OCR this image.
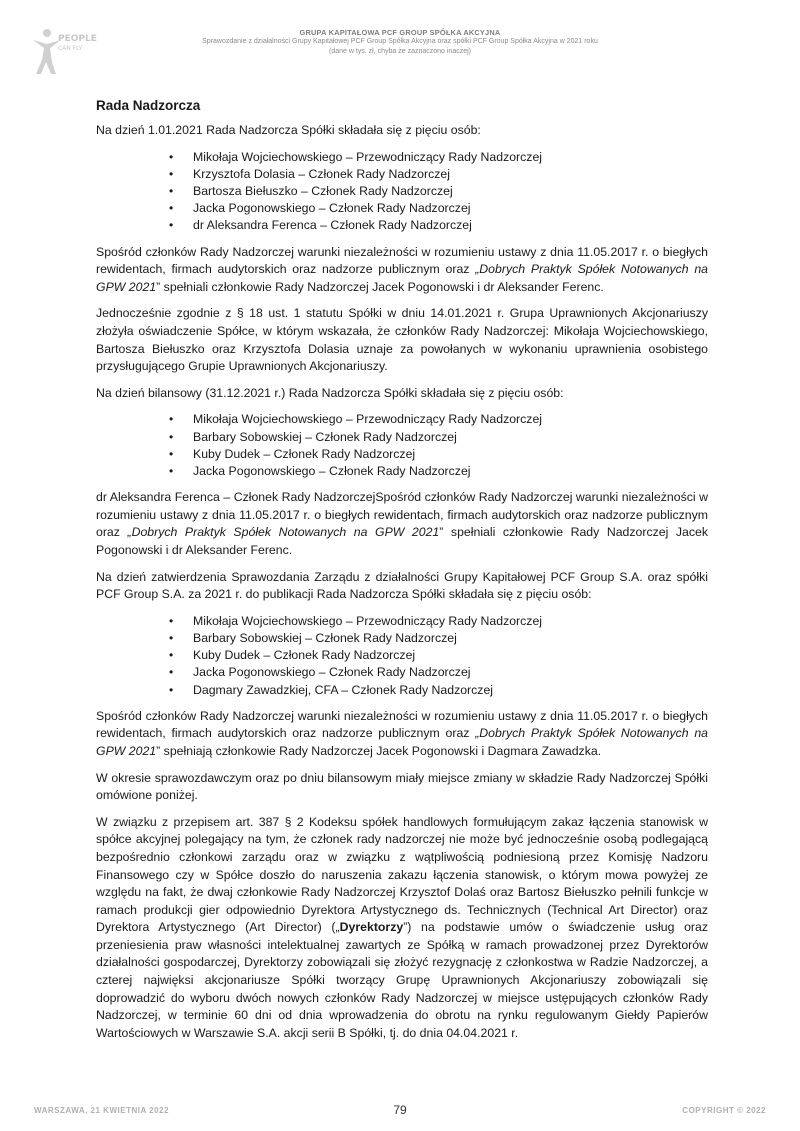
PEOPLE
CAN FLY
GRUPA KAPITAŁOWA PCF GROUP SPÓŁKA AKCYJNA
Sprawozdanie z działalności Grupy Kapitałowej PCF Group Spółka Akcyjna oraz spółki PCF Group Spółka Akcyjna w 2021 roku
(dane w tys. zł, chyba że zaznaczono inaczej)
Rada Nadzorcza

Na dzień 1.01.2021 Rada Nadzorcza Spółki składała się z pięciu osób:

• Mikołaja Wojciechowskiego – Przewodniczący Rady Nadzorczej
• Krzysztofa Dolasia – Członek Rady Nadzorczej
• Bartosza Biełuszko – Członek Rady Nadzorczej
• Jacka Pogonowskiego – Członek Rady Nadzorczej
• dr Aleksandra Ferenca – Członek Rady Nadzorczej

Spośród członków Rady Nadzorczej warunki niezależności w rozumieniu ustawy z dnia 11.05.2017 r. o biegłych rewidentach, firmach audytorskich oraz nadzorze publicznym oraz „Dobrych Praktyk Spółek Notowanych na GPW 2021” spełniali członkowie Rady Nadzorczej Jacek Pogonowski i dr Aleksander Ferenc.

Jednocześnie zgodnie z § 18 ust. 1 statutu Spółki w dniu 14.01.2021 r. Grupa Uprawnionych Akcjonariuszy złożyła oświadczenie Spółce, w którym wskazała, że członków Rady Nadzorczej: Mikołaja Wojciechowskiego, Bartosza Biełuszko oraz Krzysztofa Dolasia uznaje za powołanych w wykonaniu uprawnienia osobistego przysługującego Grupie Uprawnionych Akcjonariuszy.

Na dzień bilansowy (31.12.2021 r.) Rada Nadzorcza Spółki składała się z pięciu osób:

• Mikołaja Wojciechowskiego – Przewodniczący Rady Nadzorczej
• Barbary Sobowskiej – Członek Rady Nadzorczej
• Kuby Dudek – Członek Rady Nadzorczej
• Jacka Pogonowskiego – Członek Rady Nadzorczej

dr Aleksandra Ferenca – Członek Rady NadzorczejSpośród członków Rady Nadzorczej warunki niezależności w rozumieniu ustawy z dnia 11.05.2017 r. o biegłych rewidentach, firmach audytorskich oraz nadzorze publicznym oraz „Dobrych Praktyk Spółek Notowanych na GPW 2021” spełniali członkowie Rady Nadzorczej Jacek Pogonowski i dr Aleksander Ferenc.

Na dzień zatwierdzenia Sprawozdania Zarządu z działalności Grupy Kapitałowej PCF Group S.A. oraz spółki PCF Group S.A. za 2021 r. do publikacji Rada Nadzorcza Spółki składała się z pięciu osób:

• Mikołaja Wojciechowskiego – Przewodniczący Rady Nadzorczej
• Barbary Sobowskiej – Członek Rady Nadzorczej
• Kuby Dudek – Członek Rady Nadzorczej
• Jacka Pogonowskiego – Członek Rady Nadzorczej
• Dagmary Zawadzkiej, CFA – Członek Rady Nadzorczej

Spośród członków Rady Nadzorczej warunki niezależności w rozumieniu ustawy z dnia 11.05.2017 r. o biegłych rewidentach, firmach audytorskich oraz nadzorze publicznym oraz „Dobrych Praktyk Spółek Notowanych na GPW 2021” spełniają członkowie Rady Nadzorczej Jacek Pogonowski i Dagmara Zawadzka.

W okresie sprawozdawczym oraz po dniu bilansowym miały miejsce zmiany w składzie Rady Nadzorczej Spółki omówione poniżej.

W związku z przepisem art. 387 § 2 Kodeksu spółek handlowych formułującym zakaz łączenia stanowisk w spółce akcyjnej polegający na tym, że członek rady nadzorczej nie może być jednocześnie osobą podlegającą bezpośrednio członkowi zarządu oraz w związku z wątpliwością podniesioną przez Komisję Nadzoru Finansowego czy w Spółce doszło do naruszenia zakazu łączenia stanowisk, o którym mowa powyżej ze względu na fakt, że dwaj członkowie Rady Nadzorczej Krzysztof Dolaś oraz Bartosz Biełuszko pełnili funkcje w ramach produkcji gier odpowiednio Dyrektora Artystycznego ds. Technicznych (Technical Art Director) oraz Dyrektora Artystycznego (Art Director) („Dyrektorzy”) na podstawie umów o świadczenie usług oraz przeniesienia praw własności intelektualnej zawartych ze Spółką w ramach prowadzonej przez Dyrektorów działalności gospodarczej, Dyrektorzy zobowiązali się złożyć rezygnację z członkostwa w Radzie Nadzorczej, a czterej najwięksi akcjonariusze Spółki tworzący Grupę Uprawnionych Akcjonariuszy zobowiązali się doprowadzić do wyboru dwóch nowych członków Rady Nadzorczej w miejsce ustępujących członków Rady Nadzorczej, w terminie 60 dni od dnia wprowadzenia do obrotu na rynku regulowanym Giełdy Papierów Wartościowych w Warszawie S.A. akcji serii B Spółki, tj. do dnia 04.04.2021 r.

WARSZAWA, 21 KWIETNIA 2022	79	COPYRIGHT © 2022
